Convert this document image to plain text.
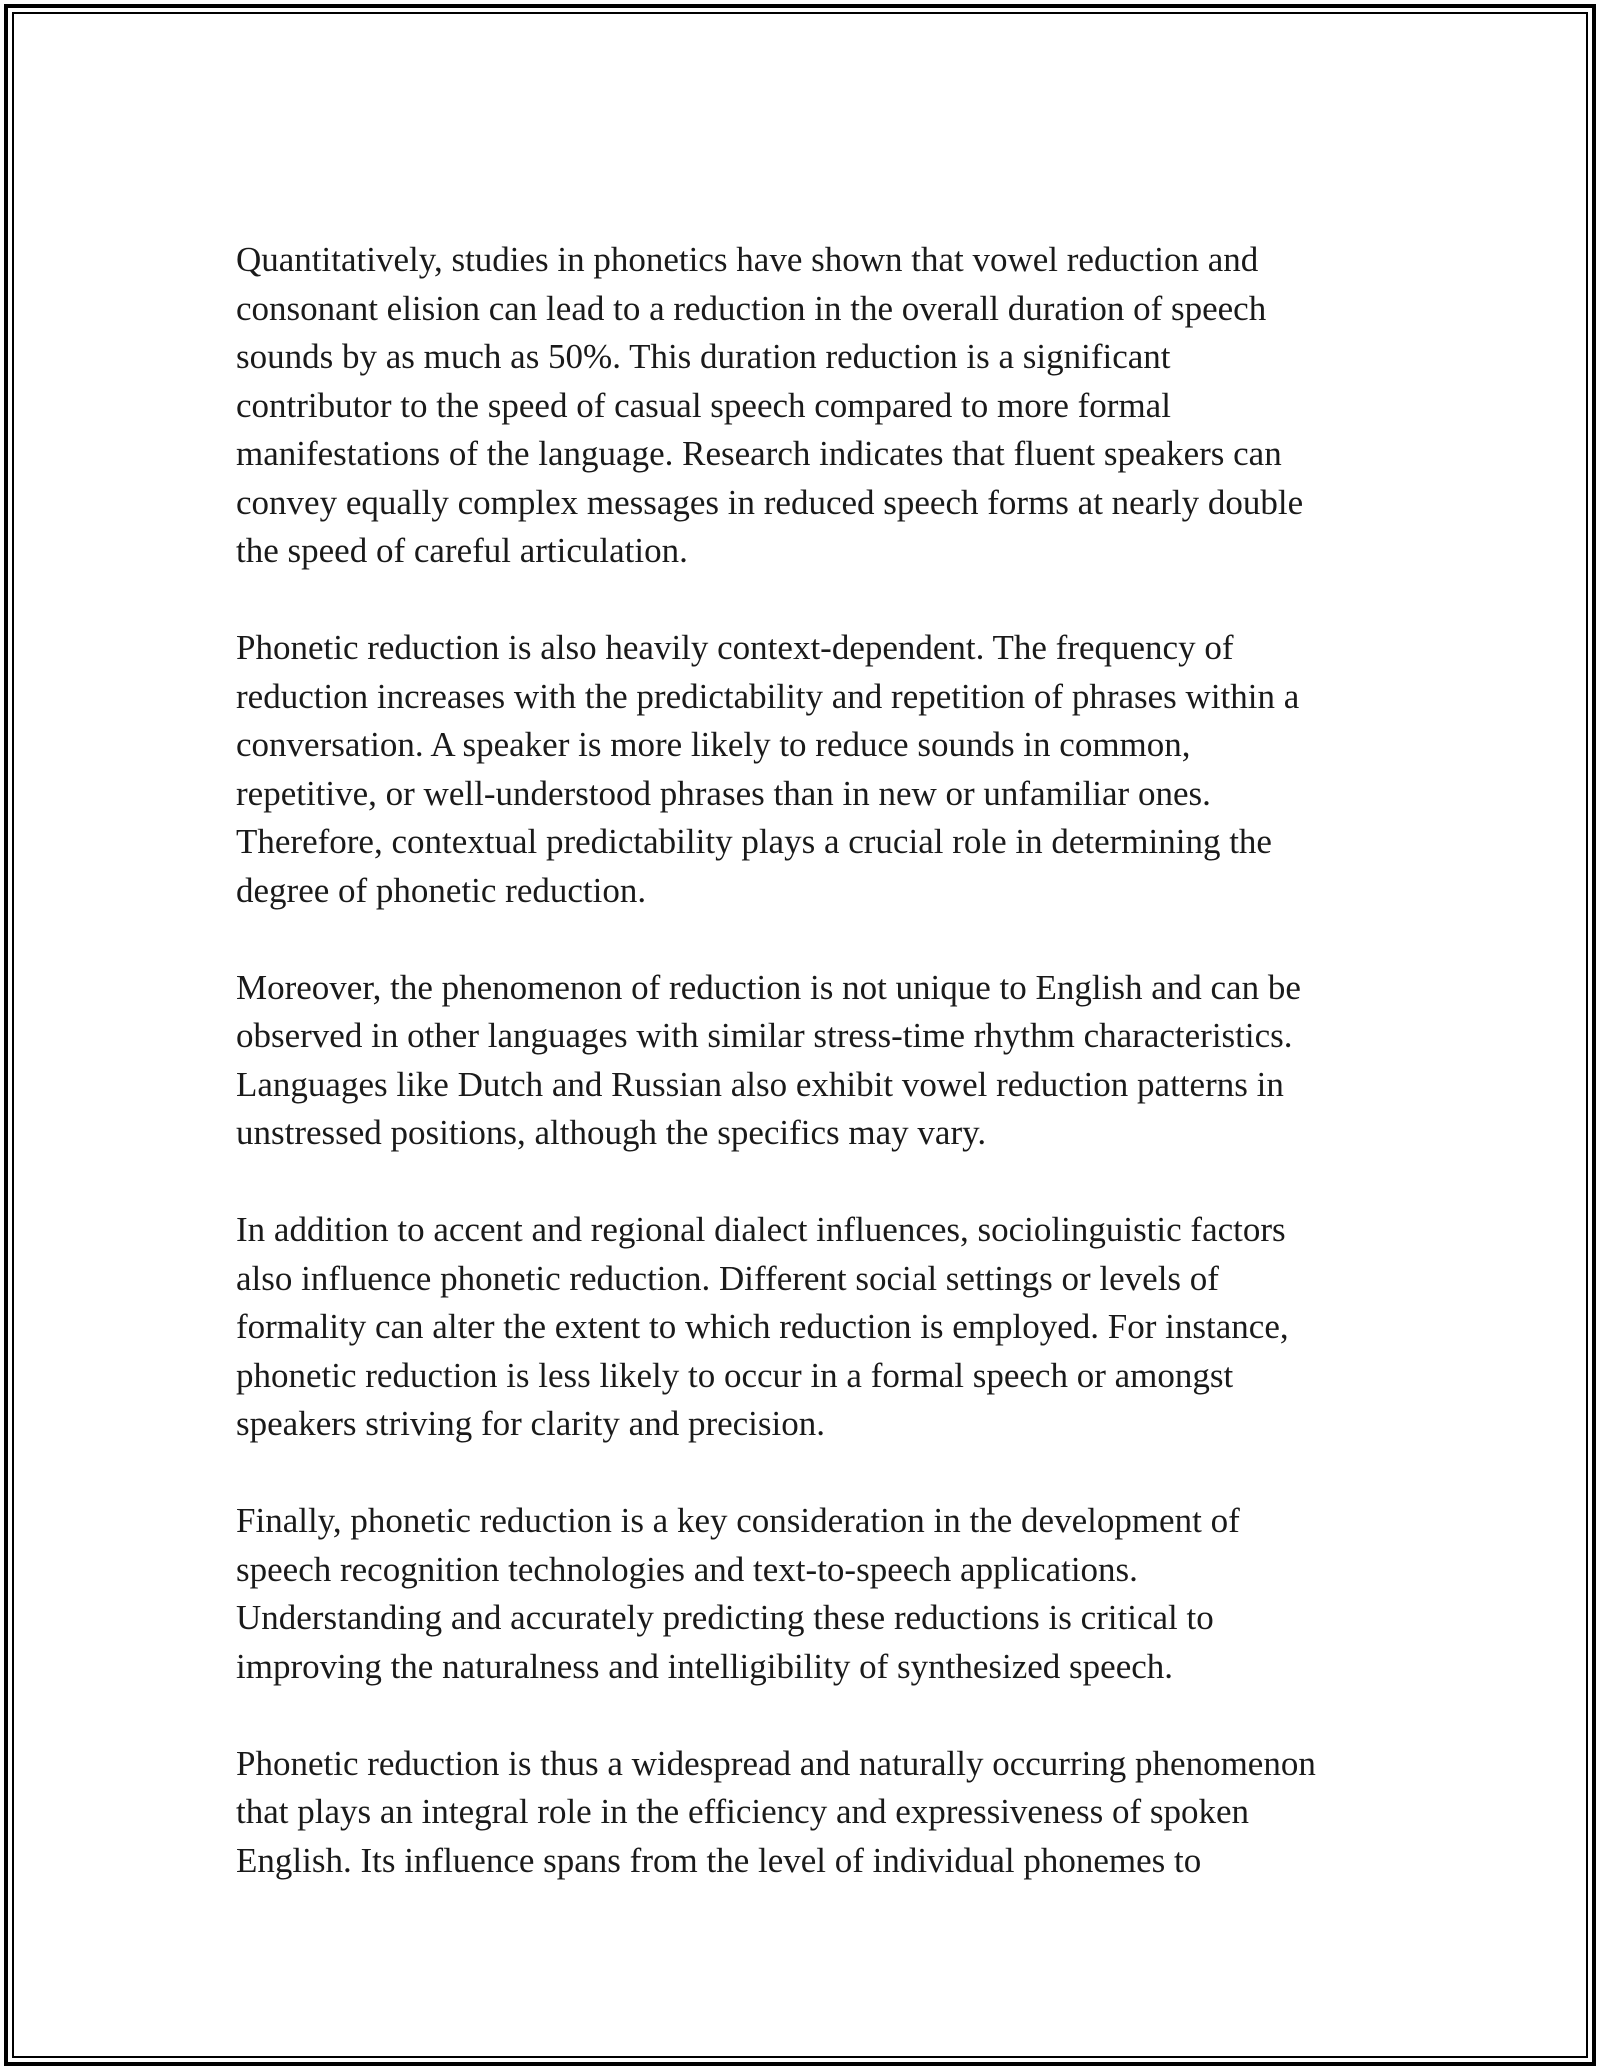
Quantitatively, studies in phonetics have shown that vowel reduction and
consonant elision can lead to a reduction in the overall duration of speech
sounds by as much as 50%. This duration reduction is a significant
contributor to the speed of casual speech compared to more formal
manifestations of the language. Research indicates that fluent speakers can
convey equally complex messages in reduced speech forms at nearly double
the speed of careful articulation.

Phonetic reduction is also heavily context-dependent. The frequency of
reduction increases with the predictability and repetition of phrases within a
conversation. A speaker is more likely to reduce sounds in common,
repetitive, or well-understood phrases than in new or unfamiliar ones.
Therefore, contextual predictability plays a crucial role in determining the
degree of phonetic reduction.

Moreover, the phenomenon of reduction is not unique to English and can be
observed in other languages with similar stress-time rhythm characteristics.
Languages like Dutch and Russian also exhibit vowel reduction patterns in
unstressed positions, although the specifics may vary.

In addition to accent and regional dialect influences, sociolinguistic factors
also influence phonetic reduction. Different social settings or levels of
formality can alter the extent to which reduction is employed. For instance,
phonetic reduction is less likely to occur in a formal speech or amongst
speakers striving for clarity and precision.

Finally, phonetic reduction is a key consideration in the development of
speech recognition technologies and text-to-speech applications.
Understanding and accurately predicting these reductions is critical to
improving the naturalness and intelligibility of synthesized speech.

Phonetic reduction is thus a widespread and naturally occurring phenomenon
that plays an integral role in the efficiency and expressiveness of spoken
English. Its influence spans from the level of individual phonemes to
